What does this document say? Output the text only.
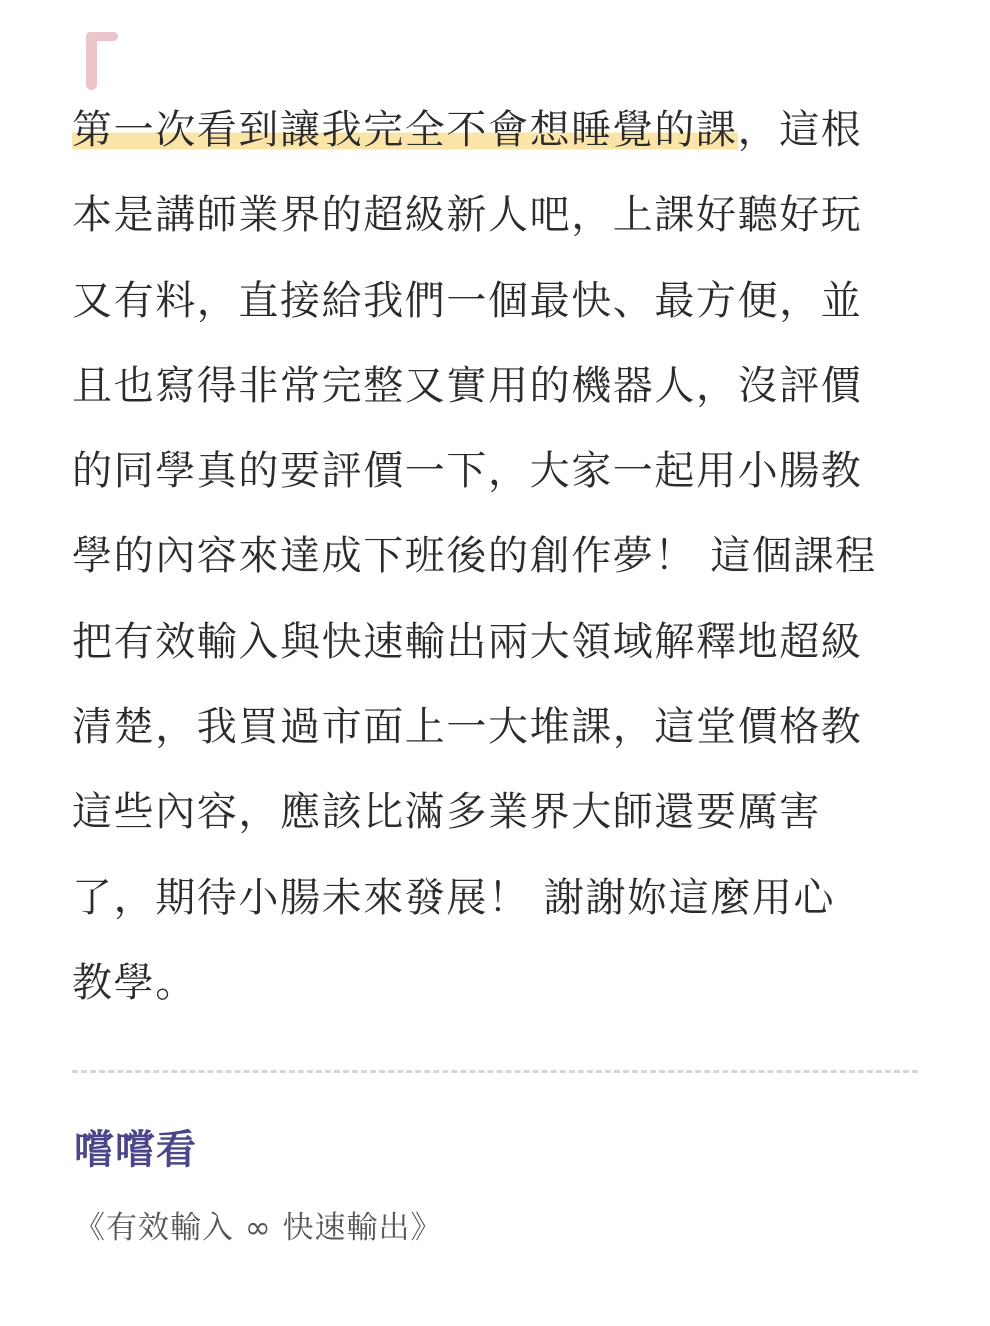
第一次看到讓我完全不會想睡覺的課，這根
本是講師業界的超級新人吧，上課好聽好玩
又有料，直接給我們一個最快、最方便，並
且也寫得非常完整又實用的機器人，沒評價
的同學真的要評價一下，大家一起用小腸教
學的內容來達成下班後的創作夢！ 這個課程
把有效輸入與快速輸出兩大領域解釋地超級
清楚，我買過市面上一大堆課，這堂價格教
這些內容，應該比滿多業界大師還要厲害
了，期待小腸未來發展！ 謝謝妳這麼用心
教學。
嚐嚐看

《有效輸入 ∞ 快速輸出》
